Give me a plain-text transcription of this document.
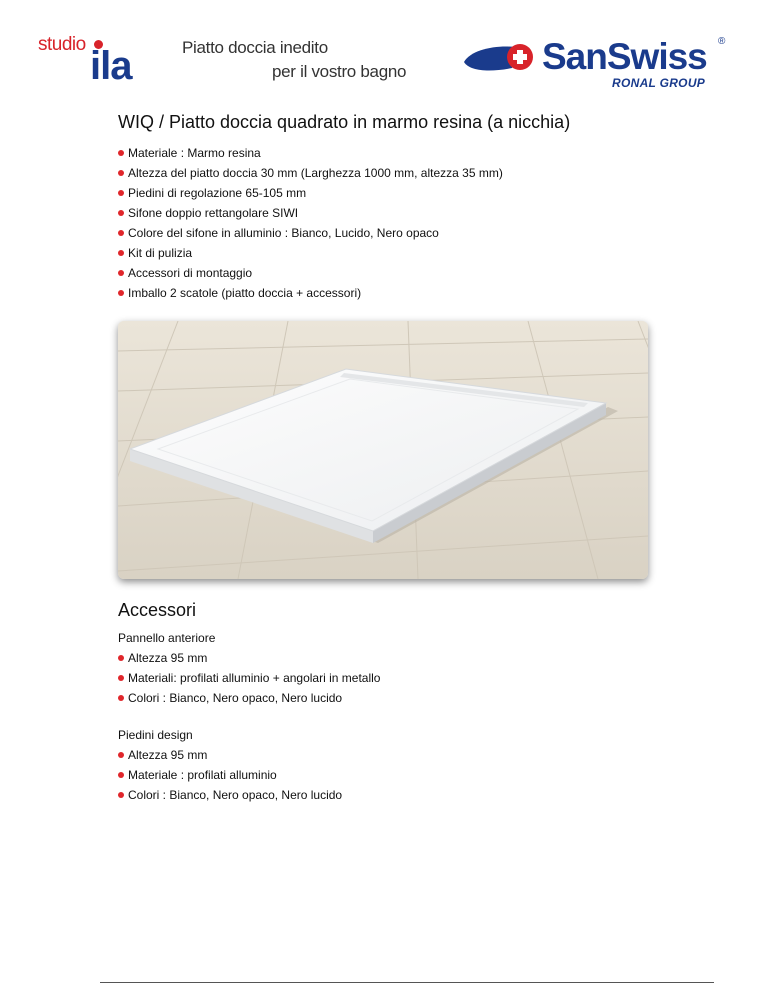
studio ila	Piatto doccia inedito
per il vostro bagno	SanSwiss ®
RONAL GROUP
WIQ / Piatto doccia quadrato in marmo resina (a nicchia)
Materiale : Marmo resina
Altezza del piatto doccia 30 mm (Larghezza 1000 mm, altezza 35 mm)
Piedini di regolazione 65-105 mm
Sifone doppio rettangolare SIWI
Colore del sifone in alluminio : Bianco, Lucido, Nero opaco
Kit di pulizia
Accessori di montaggio
Imballo 2 scatole (piatto doccia + accessori)
Accessori
Pannello anteriore
Altezza 95 mm
Materiali: profilati alluminio + angolari in metallo
Colori : Bianco, Nero opaco, Nero lucido
Piedini design
Altezza 95 mm
Materiale : profilati alluminio
Colori : Bianco, Nero opaco, Nero lucido
